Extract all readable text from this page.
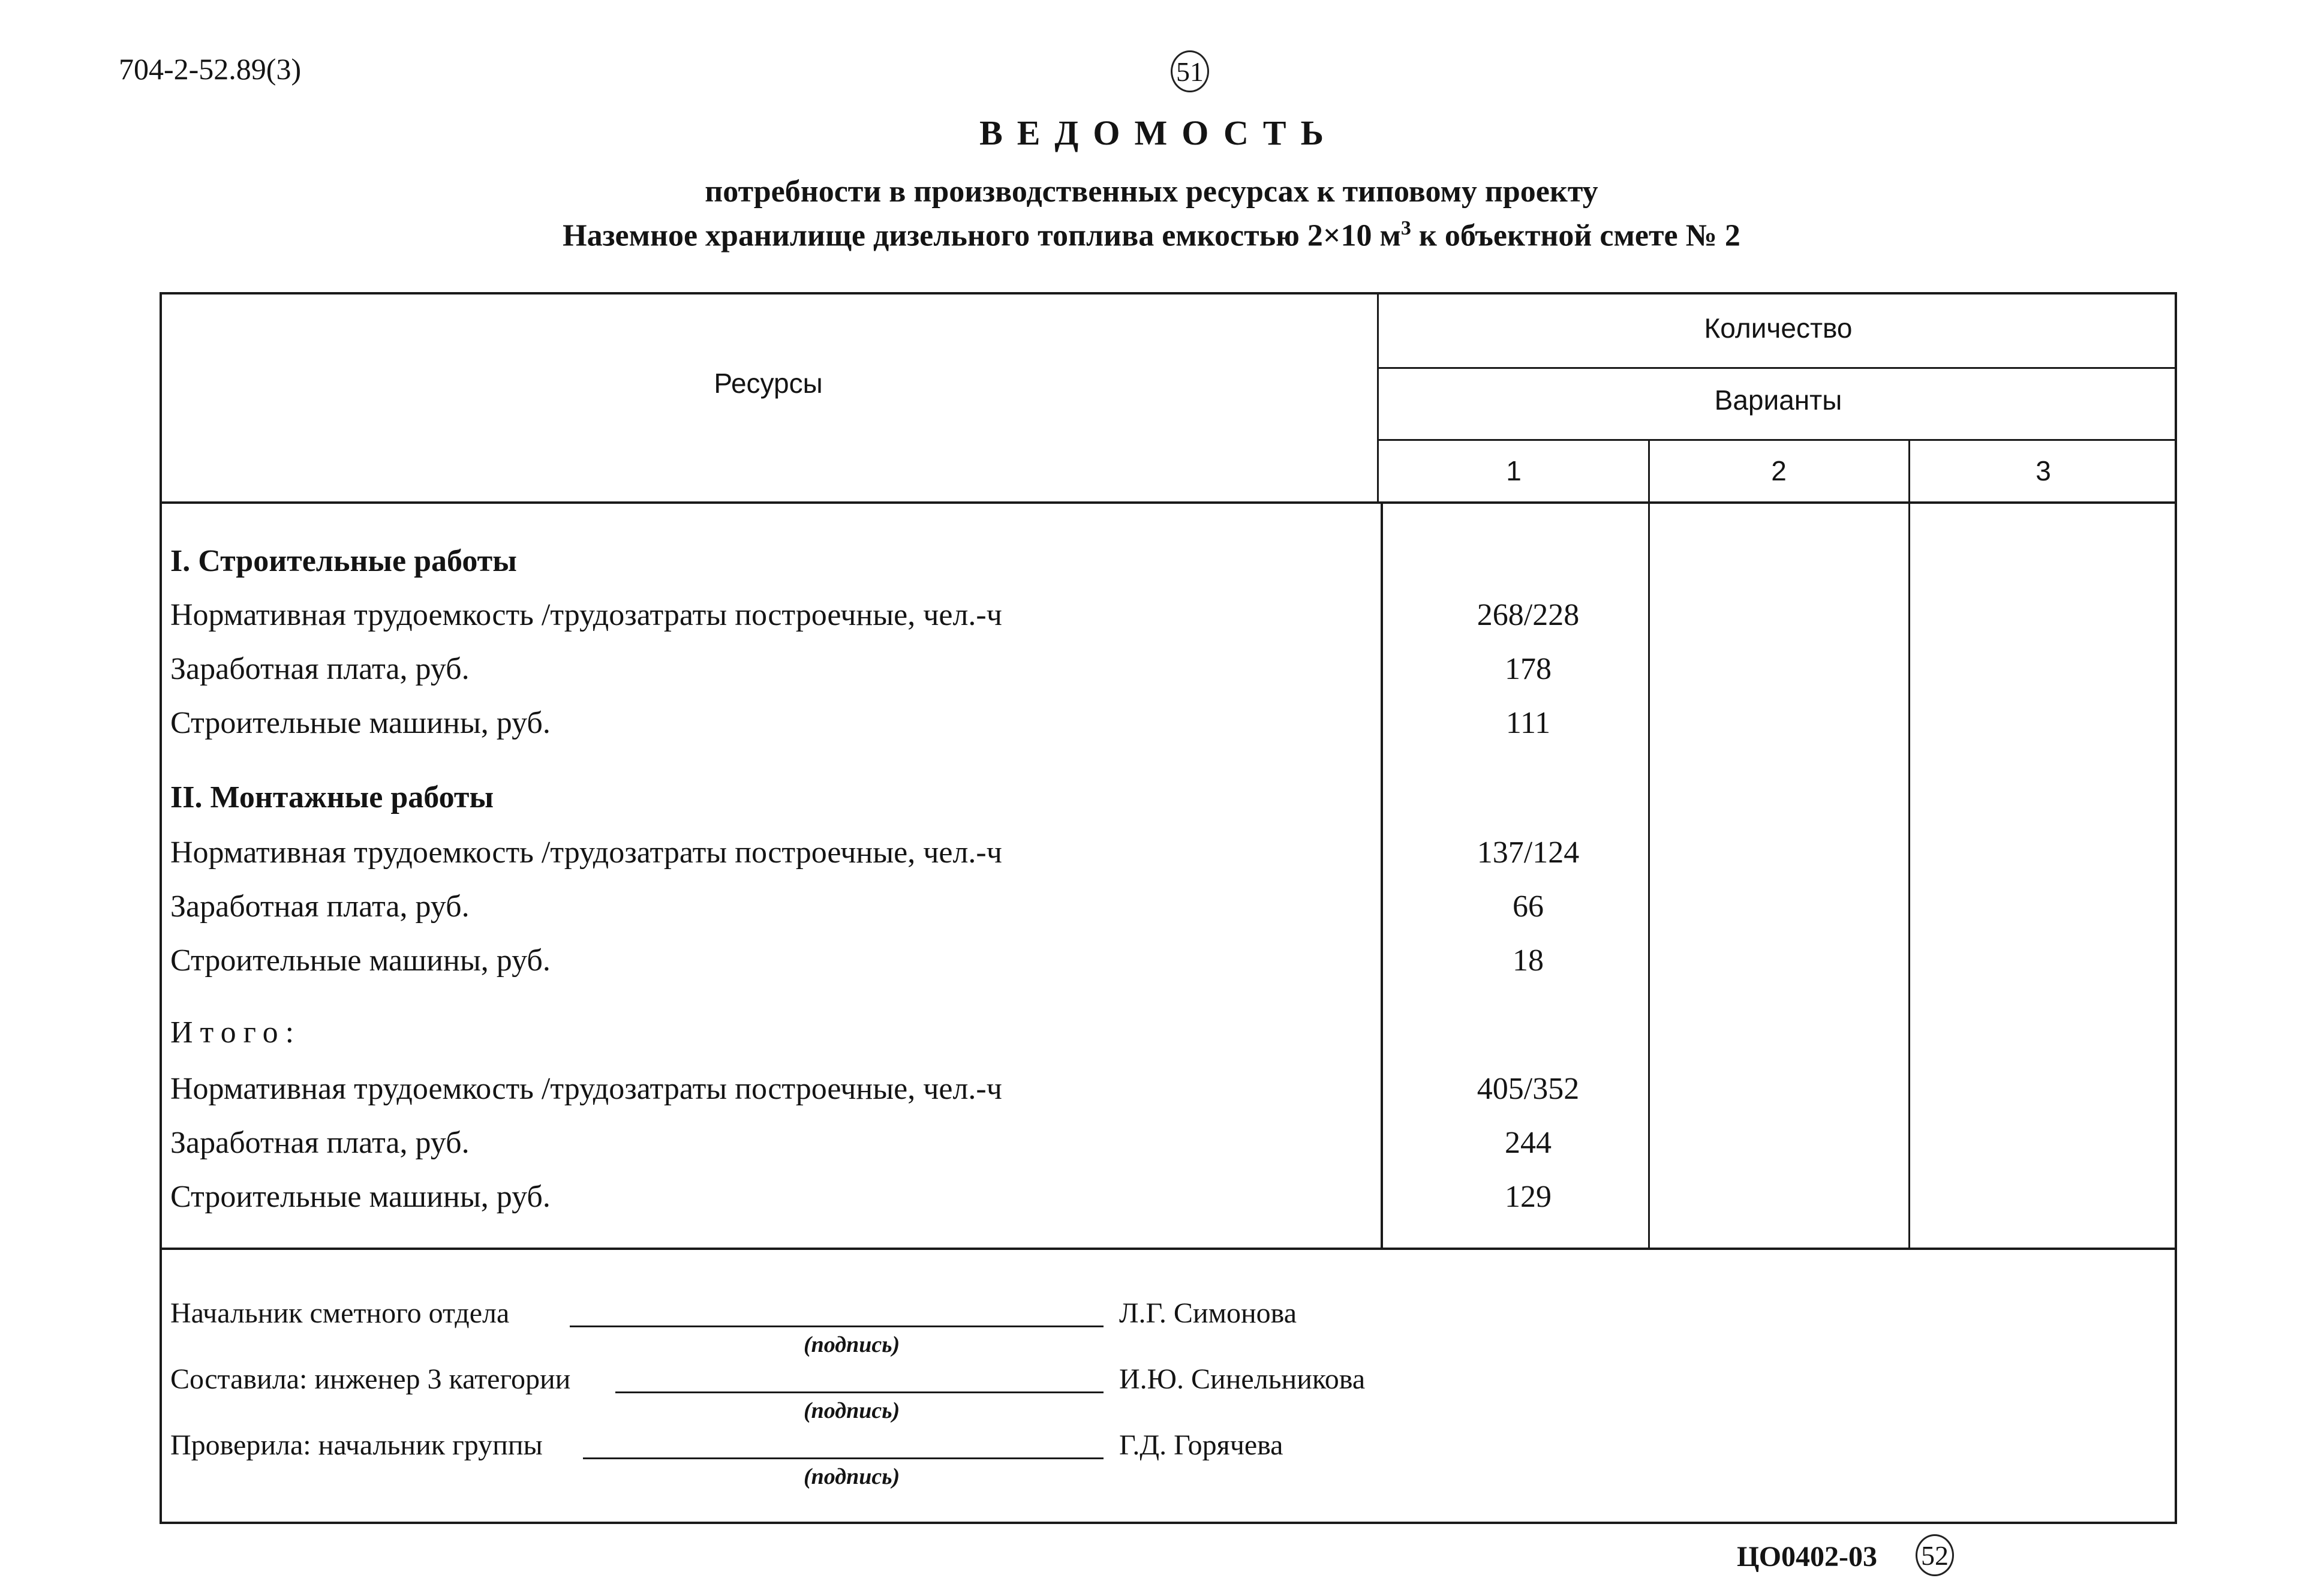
704-2-52.89(3)	51
ВЕДОМОСТЬ
потребности в производственных ресурсах к типовому проекту
Наземное хранилище дизельного топлива емкостью 2×10 $м^3$ к объектной смете № 2
Ресурсы
Количество
Варианты
1	2	3
I. Строительные работы
Нормативная трудоемкость /трудозатраты построечные, чел.-ч	268/228
Заработная плата, руб.	178
Строительные машины, руб.	111
II. Монтажные работы
Нормативная трудоемкость /трудозатраты построечные, чел.-ч	137/124
Заработная плата, руб.	66
Строительные машины, руб.	18
Итого:
Нормативная трудоемкость /трудозатраты построечные, чел.-ч	405/352
Заработная плата, руб.	244
Строительные машины, руб.	129
Начальник сметного отдела
(подпись)
Л.Г. Симонова
Составила: инженер 3 категории
(подпись)
И.Ю. Синельникова
Проверила: начальник группы
(подпись)
Г.Д. Горячева
ЦО0402-03 52
